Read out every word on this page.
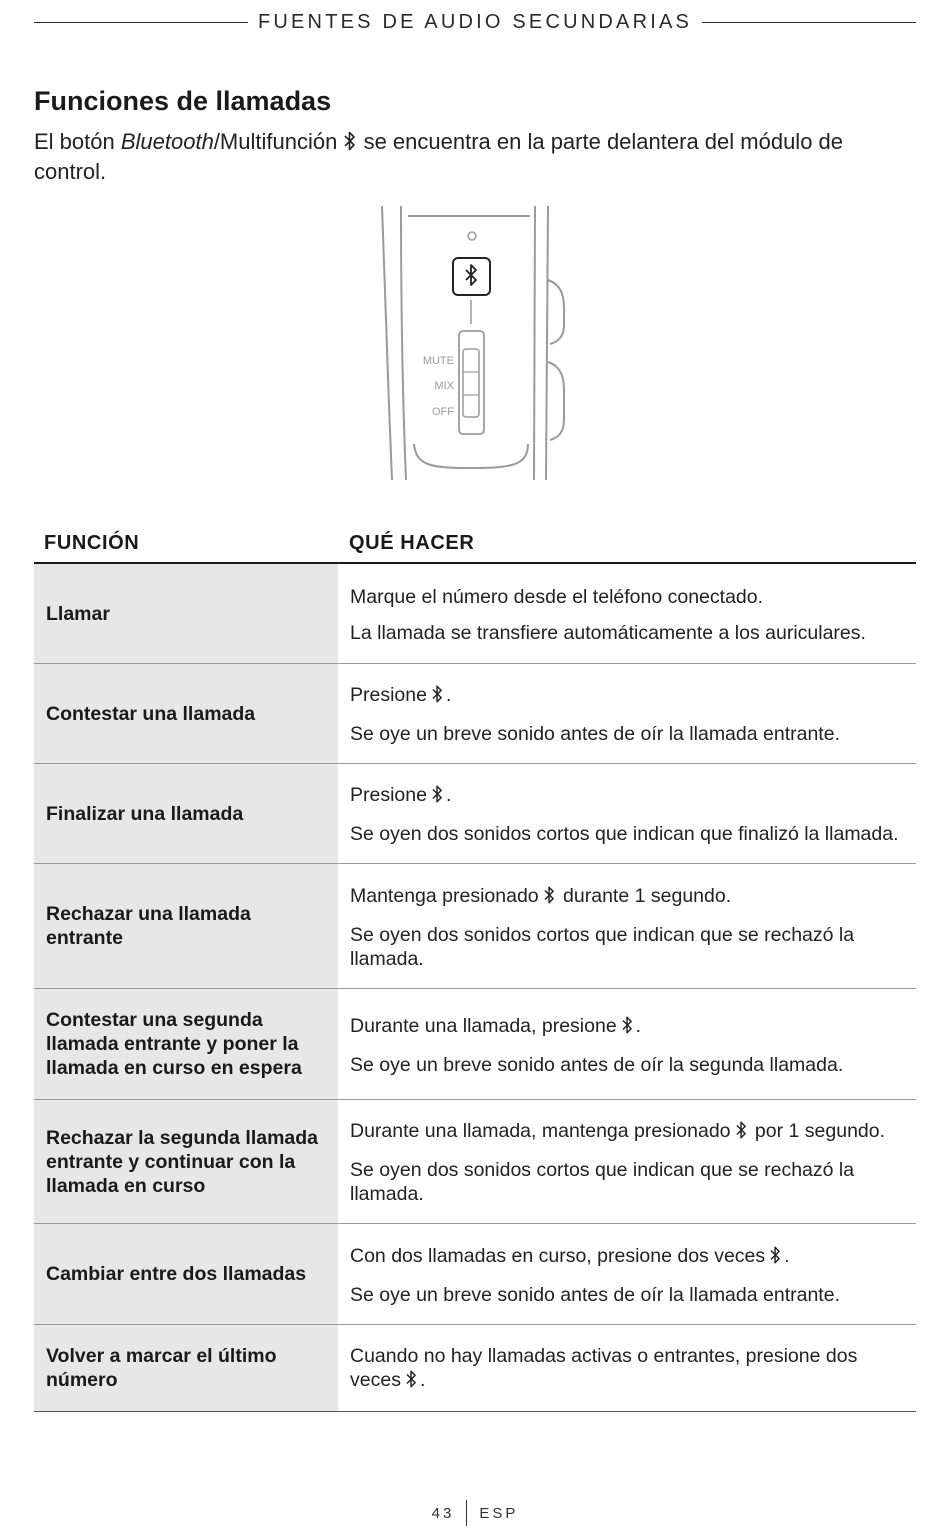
FUENTES DE AUDIO SECUNDARIAS
Funciones de llamadas

El botón Bluetooth/Multifunción  se encuentra en la parte delantera del módulo de control.

MUTE
MIX
OFF
FUNCIÓN	QUÉ HACER
Llamar
Marque el número desde el teléfono conectado.
La llamada se transfiere automáticamente a los auriculares.
Contestar una llamada
Presione .
Se oye un breve sonido antes de oír la llamada entrante.
Finalizar una llamada
Presione .
Se oyen dos sonidos cortos que indican que finalizó la llamada.
Rechazar una llamada entrante
Mantenga presionado durante 1 segundo.
Se oyen dos sonidos cortos que indican que se rechazó la llamada.
Contestar una segunda llamada entrante y poner la llamada en curso en espera
Durante una llamada, presione .
Se oye un breve sonido antes de oír la segunda llamada.
Rechazar la segunda llamada entrante y continuar con la llamada en curso
Durante una llamada, mantenga presionado por 1 segundo.
Se oyen dos sonidos cortos que indican que se rechazó la llamada.
Cambiar entre dos llamadas
Con dos llamadas en curso, presione dos veces .
Se oye un breve sonido antes de oír la llamada entrante.
Volver a marcar el último número
Cuando no hay llamadas activas o entrantes, presione dos veces .
43 ESP
